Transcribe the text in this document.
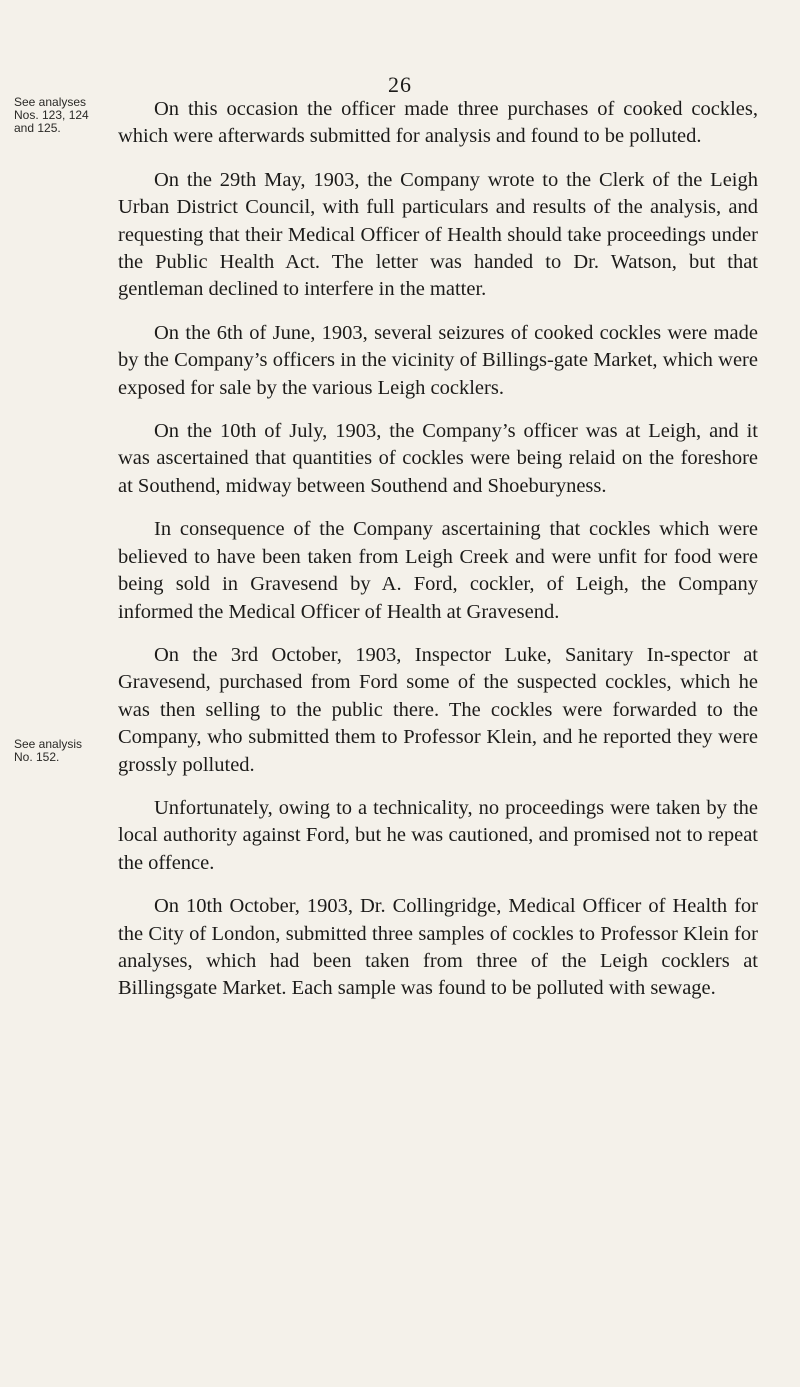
26
See analyses Nos. 123, 124 and 125.
See analysis No. 152.

On this occasion the officer made three purchases of cooked cockles, which were afterwards submitted for analysis and found to be polluted.

On the 29th May, 1903, the Company wrote to the Clerk of the Leigh Urban District Council, with full particulars and results of the analysis, and requesting that their Medical Officer of Health should take proceedings under the Public Health Act. The letter was handed to Dr. Watson, but that gentleman declined to interfere in the matter.

On the 6th of June, 1903, several seizures of cooked cockles were made by the Company’s officers in the vicinity of Billings-gate Market, which were exposed for sale by the various Leigh cocklers.

On the 10th of July, 1903, the Company’s officer was at Leigh, and it was ascertained that quantities of cockles were being relaid on the foreshore at Southend, midway between Southend and Shoeburyness.

In consequence of the Company ascertaining that cockles which were believed to have been taken from Leigh Creek and were unfit for food were being sold in Gravesend by A. Ford, cockler, of Leigh, the Company informed the Medical Officer of Health at Gravesend.

On the 3rd October, 1903, Inspector Luke, Sanitary In-spector at Gravesend, purchased from Ford some of the suspected cockles, which he was then selling to the public there. The cockles were forwarded to the Company, who submitted them to Professor Klein, and he reported they were grossly polluted.

Unfortunately, owing to a technicality, no proceedings were taken by the local authority against Ford, but he was cautioned, and promised not to repeat the offence.

On 10th October, 1903, Dr. Collingridge, Medical Officer of Health for the City of London, submitted three samples of cockles to Professor Klein for analyses, which had been taken from three of the Leigh cocklers at Billingsgate Market. Each sample was found to be polluted with sewage.
